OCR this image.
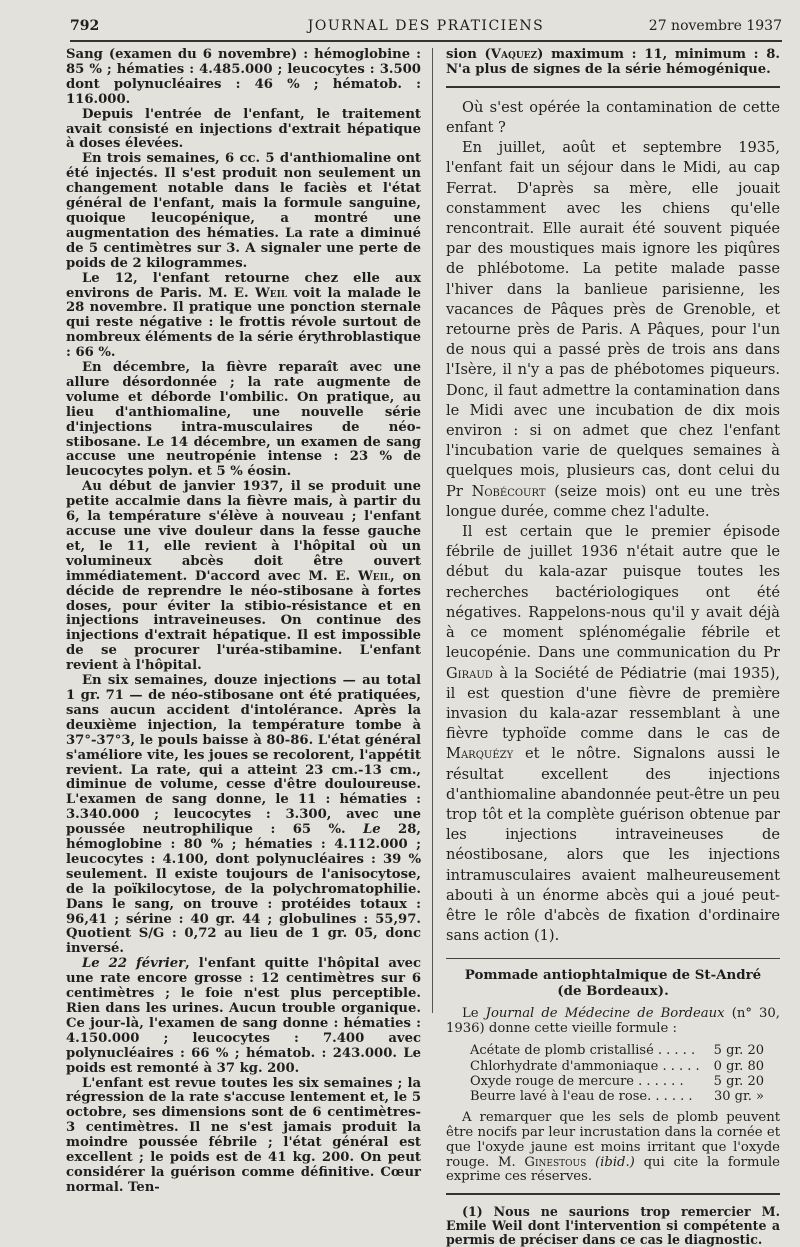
792	JOURNAL DES PRATICIENS	27 novembre 1937

Sang (examen du 6 novembre) : hémoglobine : 85 % ; hématies : 4.485.000 ; leucocytes : 3.500 dont polynucléaires : 46 % ; hématob. : 116.000.

Depuis l'entrée de l'enfant, le traitement avait consisté en injections d'extrait hépatique à doses élevées.

En trois semaines, 6 cc. 5 d'anthiomaline ont été injectés. Il s'est produit non seulement un changement notable dans le faciès et l'état général de l'enfant, mais la formule sanguine, quoique leucopénique, a montré une augmentation des hématies. La rate a diminué de 5 centimètres sur 3. A signaler une perte de poids de 2 kilogrammes.

Le 12, l'enfant retourne chez elle aux environs de Paris. M. E. Weil voit la malade le 28 novembre. Il pratique une ponction sternale qui reste négative : le frottis révole surtout de nombreux éléments de la série érythroblastique : 66 %.

En décembre, la fièvre reparaît avec une allure désordonnée ; la rate augmente de volume et déborde l'ombilic. On pratique, au lieu d'anthiomaline, une nouvelle série d'injections intra-musculaires de néo-stibosane. Le 14 décembre, un examen de sang accuse une neutropénie intense : 23 % de leucocytes polyn. et 5 % éosin.

Au début de janvier 1937, il se produit une petite accalmie dans la fièvre mais, à partir du 6, la température s'élève à nouveau ; l'enfant accuse une vive douleur dans la fesse gauche et, le 11, elle revient à l'hôpital où un volumineux abcès doit être ouvert immédiatement. D'accord avec M. E. Weil, on décide de reprendre le néo-stibosane à fortes doses, pour éviter la stibio-résistance et en injections intraveineuses. On continue des injections d'extrait hépatique. Il est impossible de se procurer l'uréa-stibamine. L'enfant revient à l'hôpital.

En six semaines, douze injections — au total 1 gr. 71 — de néo-stibosane ont été pratiquées, sans aucun accident d'intolérance. Après la deuxième injection, la température tombe à 37°-37°3, le pouls baisse à 80-86. L'état général s'améliore vite, les joues se recolorent, l'appétit revient. La rate, qui a atteint 23 cm.-13 cm., diminue de volume, cesse d'être douloureuse. L'examen de sang donne, le 11 : hématies : 3.340.000 ; leucocytes : 3.300, avec une poussée neutrophilique : 65 %. Le 28, hémoglobine : 80 % ; hématies : 4.112.000 ; leucocytes : 4.100, dont polynucléaires : 39 % seulement. Il existe toujours de l'anisocytose, de la poïkilocytose, de la polychromatophilie. Dans le sang, on trouve : protéides totaux : 96,41 ; sérine : 40 gr. 44 ; globulines : 55,97. Quotient S/G : 0,72 au lieu de 1 gr. 05, donc inversé.

Le 22 février, l'enfant quitte l'hôpital avec une rate encore grosse : 12 centimètres sur 6 centimètres ; le foie n'est plus perceptible. Rien dans les urines. Aucun trouble organique. Ce jour-là, l'examen de sang donne : hématies : 4.150.000 ; leucocytes : 7.400 avec polynucléaires : 66 % ; hématob. : 243.000. Le poids est remonté à 37 kg. 200.

L'enfant est revue toutes les six semaines ; la régression de la rate s'accuse lentement et, le 5 octobre, ses dimensions sont de 6 centimètres-3 centimètres. Il ne s'est jamais produit la moindre poussée fébrile ; l'état général est excellent ; le poids est de 41 kg. 200. On peut considérer la guérison comme définitive. Cœur normal. Ten-

sion (Vaquez) maximum : 11, minimum : 8. N'a plus de signes de la série hémogénique.

Où s'est opérée la contamination de cette enfant ?

En juillet, août et septembre 1935, l'enfant fait un séjour dans le Midi, au cap Ferrat. D'après sa mère, elle jouait constamment avec les chiens qu'elle rencontrait. Elle aurait été souvent piquée par des moustiques mais ignore les piqûres de phlébotome. La petite malade passe l'hiver dans la banlieue parisienne, les vacances de Pâques près de Grenoble, et retourne près de Paris. A Pâques, pour l'un de nous qui a passé près de trois ans dans l'Isère, il n'y a pas de phébotomes piqueurs. Donc, il faut admettre la contamination dans le Midi avec une incubation de dix mois environ : si on admet que chez l'enfant l'incubation varie de quelques semaines à quelques mois, plusieurs cas, dont celui du Pr Nobécourt (seize mois) ont eu une très longue durée, comme chez l'adulte.

Il est certain que le premier épisode fébrile de juillet 1936 n'était autre que le début du kala-azar puisque toutes les recherches bactériologiques ont été négatives. Rappelons-nous qu'il y avait déjà à ce moment splénomégalie fébrile et leucopénie. Dans une communication du Pr Giraud à la Société de Pédiatrie (mai 1935), il est question d'une fièvre de première invasion du kala-azar ressemblant à une fièvre typhoïde comme dans le cas de Marquézy et le nôtre. Signalons aussi le résultat excellent des injections d'anthiomaline abandonnée peut-être un peu trop tôt et la complète guérison obtenue par les injections intraveineuses de néostibosane, alors que les injections intramusculaires avaient malheureusement abouti à un énorme abcès qui a joué peut-être le rôle d'abcès de fixation d'ordinaire sans action (1).

Pommade antiophtalmique de St-André
(de Bordeaux).

Le Journal de Médecine de Bordeaux (n° 30, 1936) donne cette vieille formule :

Acétate de plomb cristallisé . . . . .	5 gr. 20
Chlorhydrate d'ammoniaque . . . . .	0 gr. 80
Oxyde rouge de mercure . . . . . .	5 gr. 20
Beurre lavé à l'eau de rose. . . . . .	30 gr. »

A remarquer que les sels de plomb peuvent être nocifs par leur incrustation dans la cornée et que l'oxyde jaune est moins irritant que l'oxyde rouge. M. Ginestous (ibid.) qui cite la formule exprime ces réserves.

(1) Nous ne saurions trop remercier M. Emile Weil dont l'intervention si compétente a permis de préciser dans ce cas le diagnostic.
